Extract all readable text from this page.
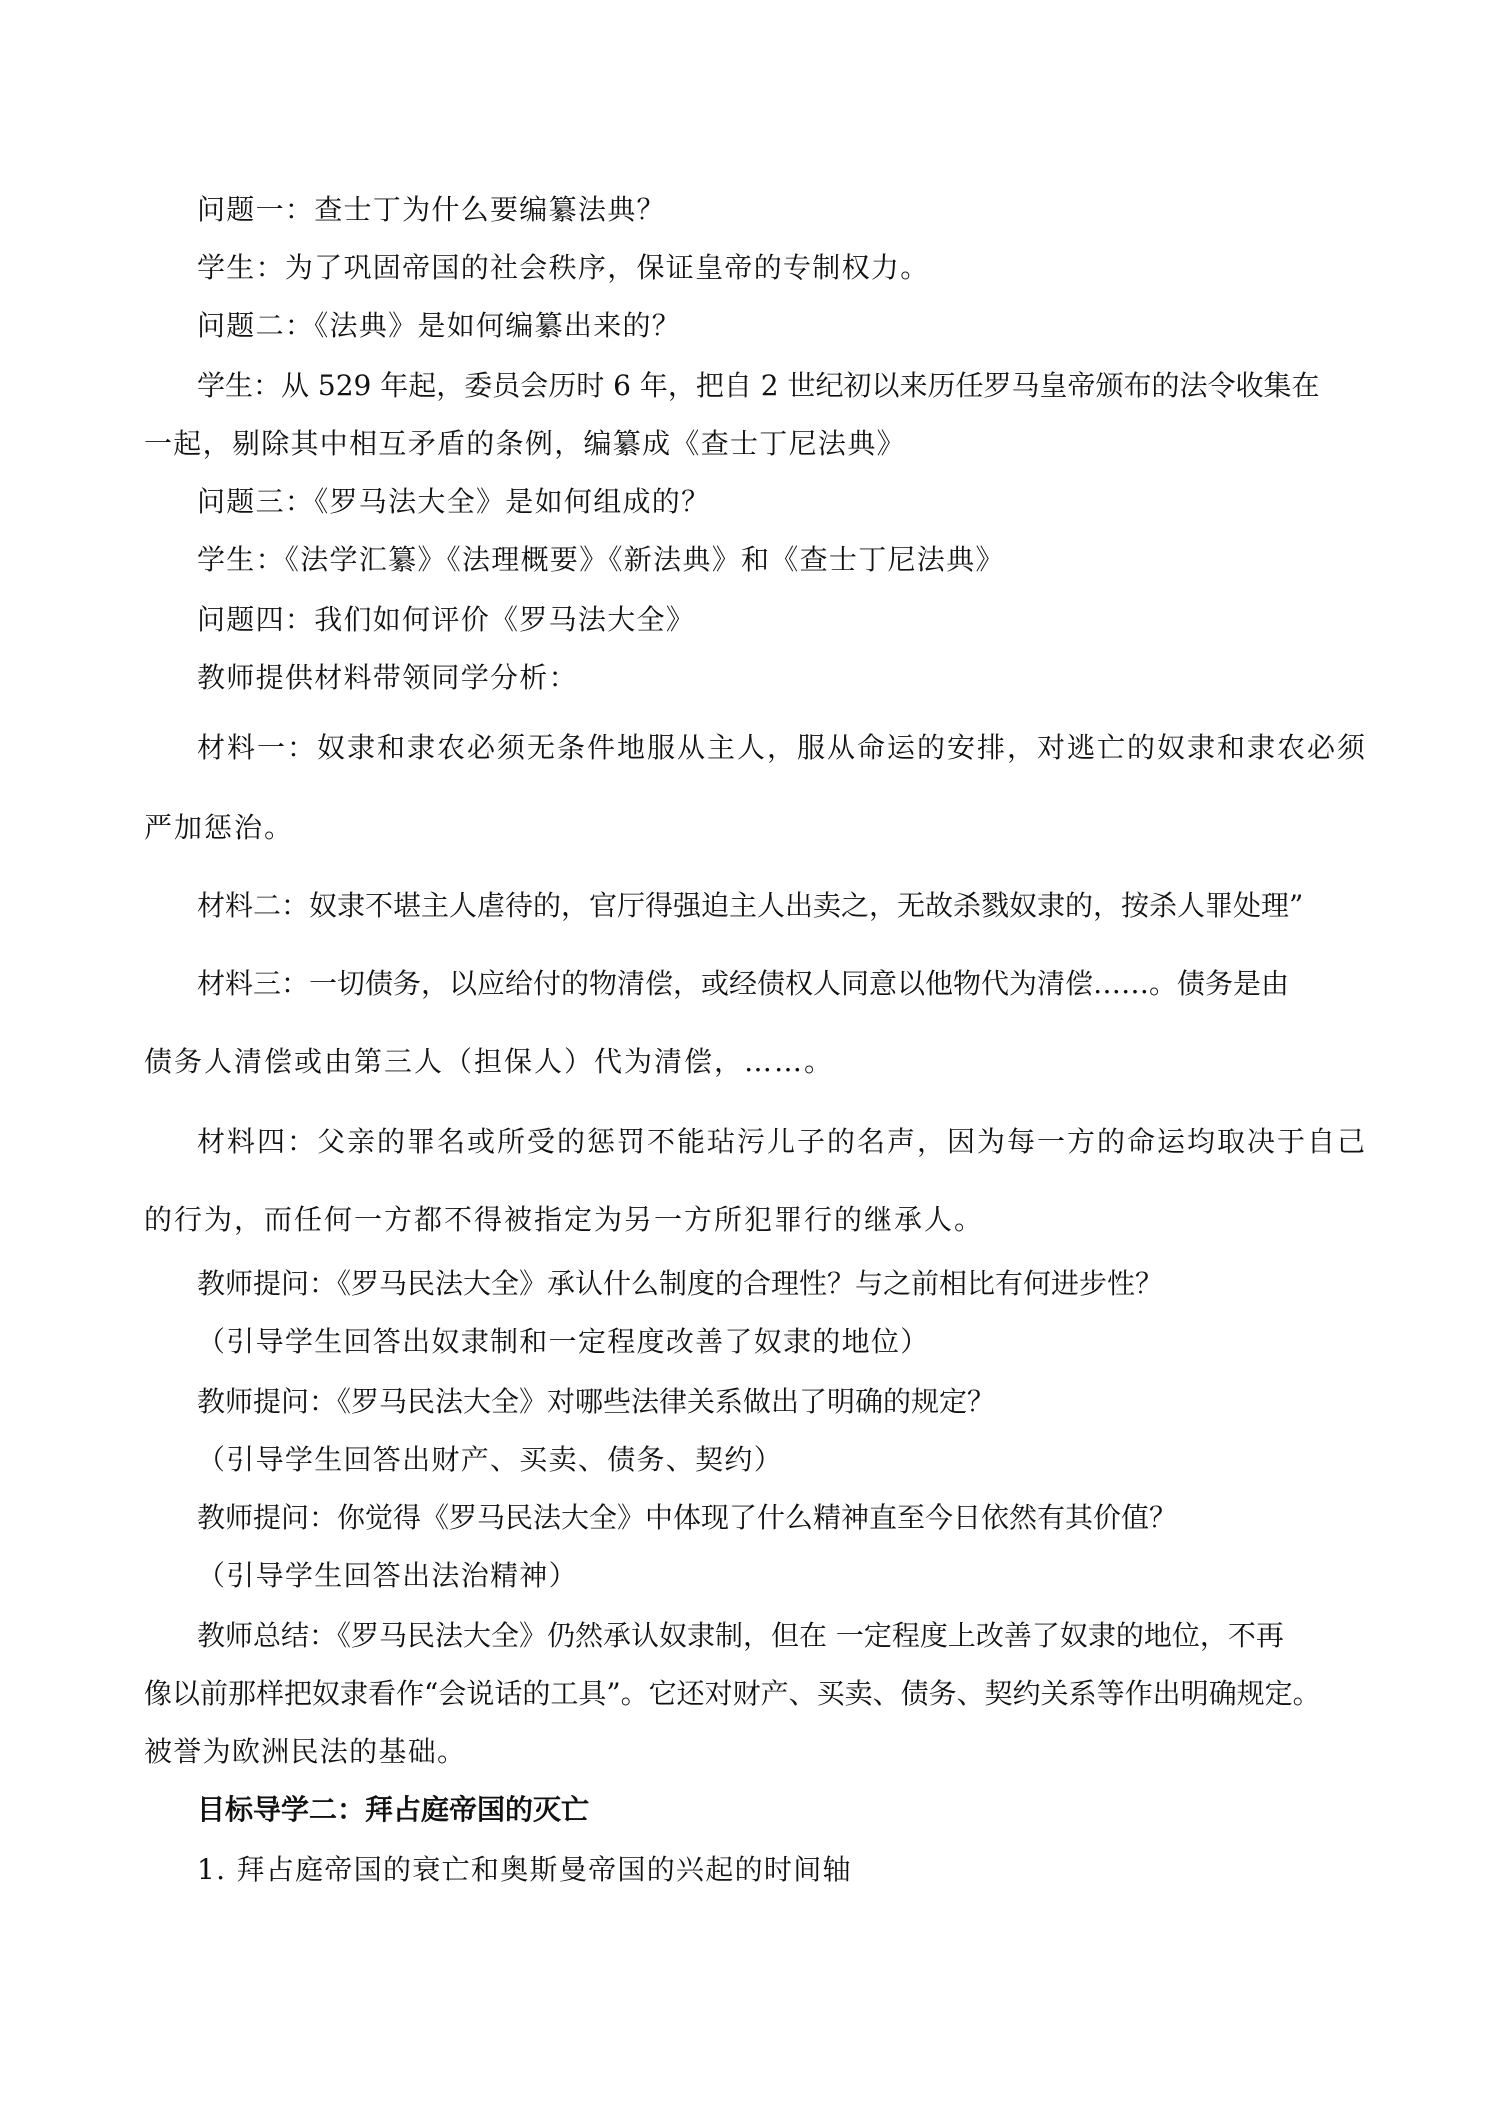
问题一：查士丁为什么要编纂法典？
学生：为了巩固帝国的社会秩序，保证皇帝的专制权力。
问题二：《法典》是如何编纂出来的？
学生：从 529 年起，委员会历时 6 年，把自 2 世纪初以来历任罗马皇帝颁布的法令收集在
一起，剔除其中相互矛盾的条例，编纂成《查士丁尼法典》
问题三：《罗马法大全》是如何组成的？
学生：《法学汇纂》《法理概要》《新法典》和《查士丁尼法典》
问题四：我们如何评价《罗马法大全》
教师提供材料带领同学分析：
材料一：奴隶和隶农必须无条件地服从主人，服从命运的安排，对逃亡的奴隶和隶农必须
严加惩治。
材料二：奴隶不堪主人虐待的，官厅得强迫主人出卖之，无故杀戮奴隶的，按杀人罪处理”
材料三：一切债务，以应给付的物清偿，或经债权人同意以他物代为清偿……。债务是由
债务人清偿或由第三人（担保人）代为清偿，……。
材料四：父亲的罪名或所受的惩罚不能玷污儿子的名声，因为每一方的命运均取决于自己
的行为，而任何一方都不得被指定为另一方所犯罪行的继承人。
教师提问：《罗马民法大全》承认什么制度的合理性？与之前相比有何进步性？
（引导学生回答出奴隶制和一定程度改善了奴隶的地位）
教师提问：《罗马民法大全》对哪些法律关系做出了明确的规定？
（引导学生回答出财产、买卖、债务、契约）
教师提问：你觉得《罗马民法大全》中体现了什么精神直至今日依然有其价值？
（引导学生回答出法治精神）
教师总结：《罗马民法大全》仍然承认奴隶制，但在 一定程度上改善了奴隶的地位，不再
像以前那样把奴隶看作“会说话的工具”。它还对财产、买卖、债务、契约关系等作出明确规定。
被誉为欧洲民法的基础。
目标导学二：拜占庭帝国的灭亡
1. 拜占庭帝国的衰亡和奥斯曼帝国的兴起的时间轴
